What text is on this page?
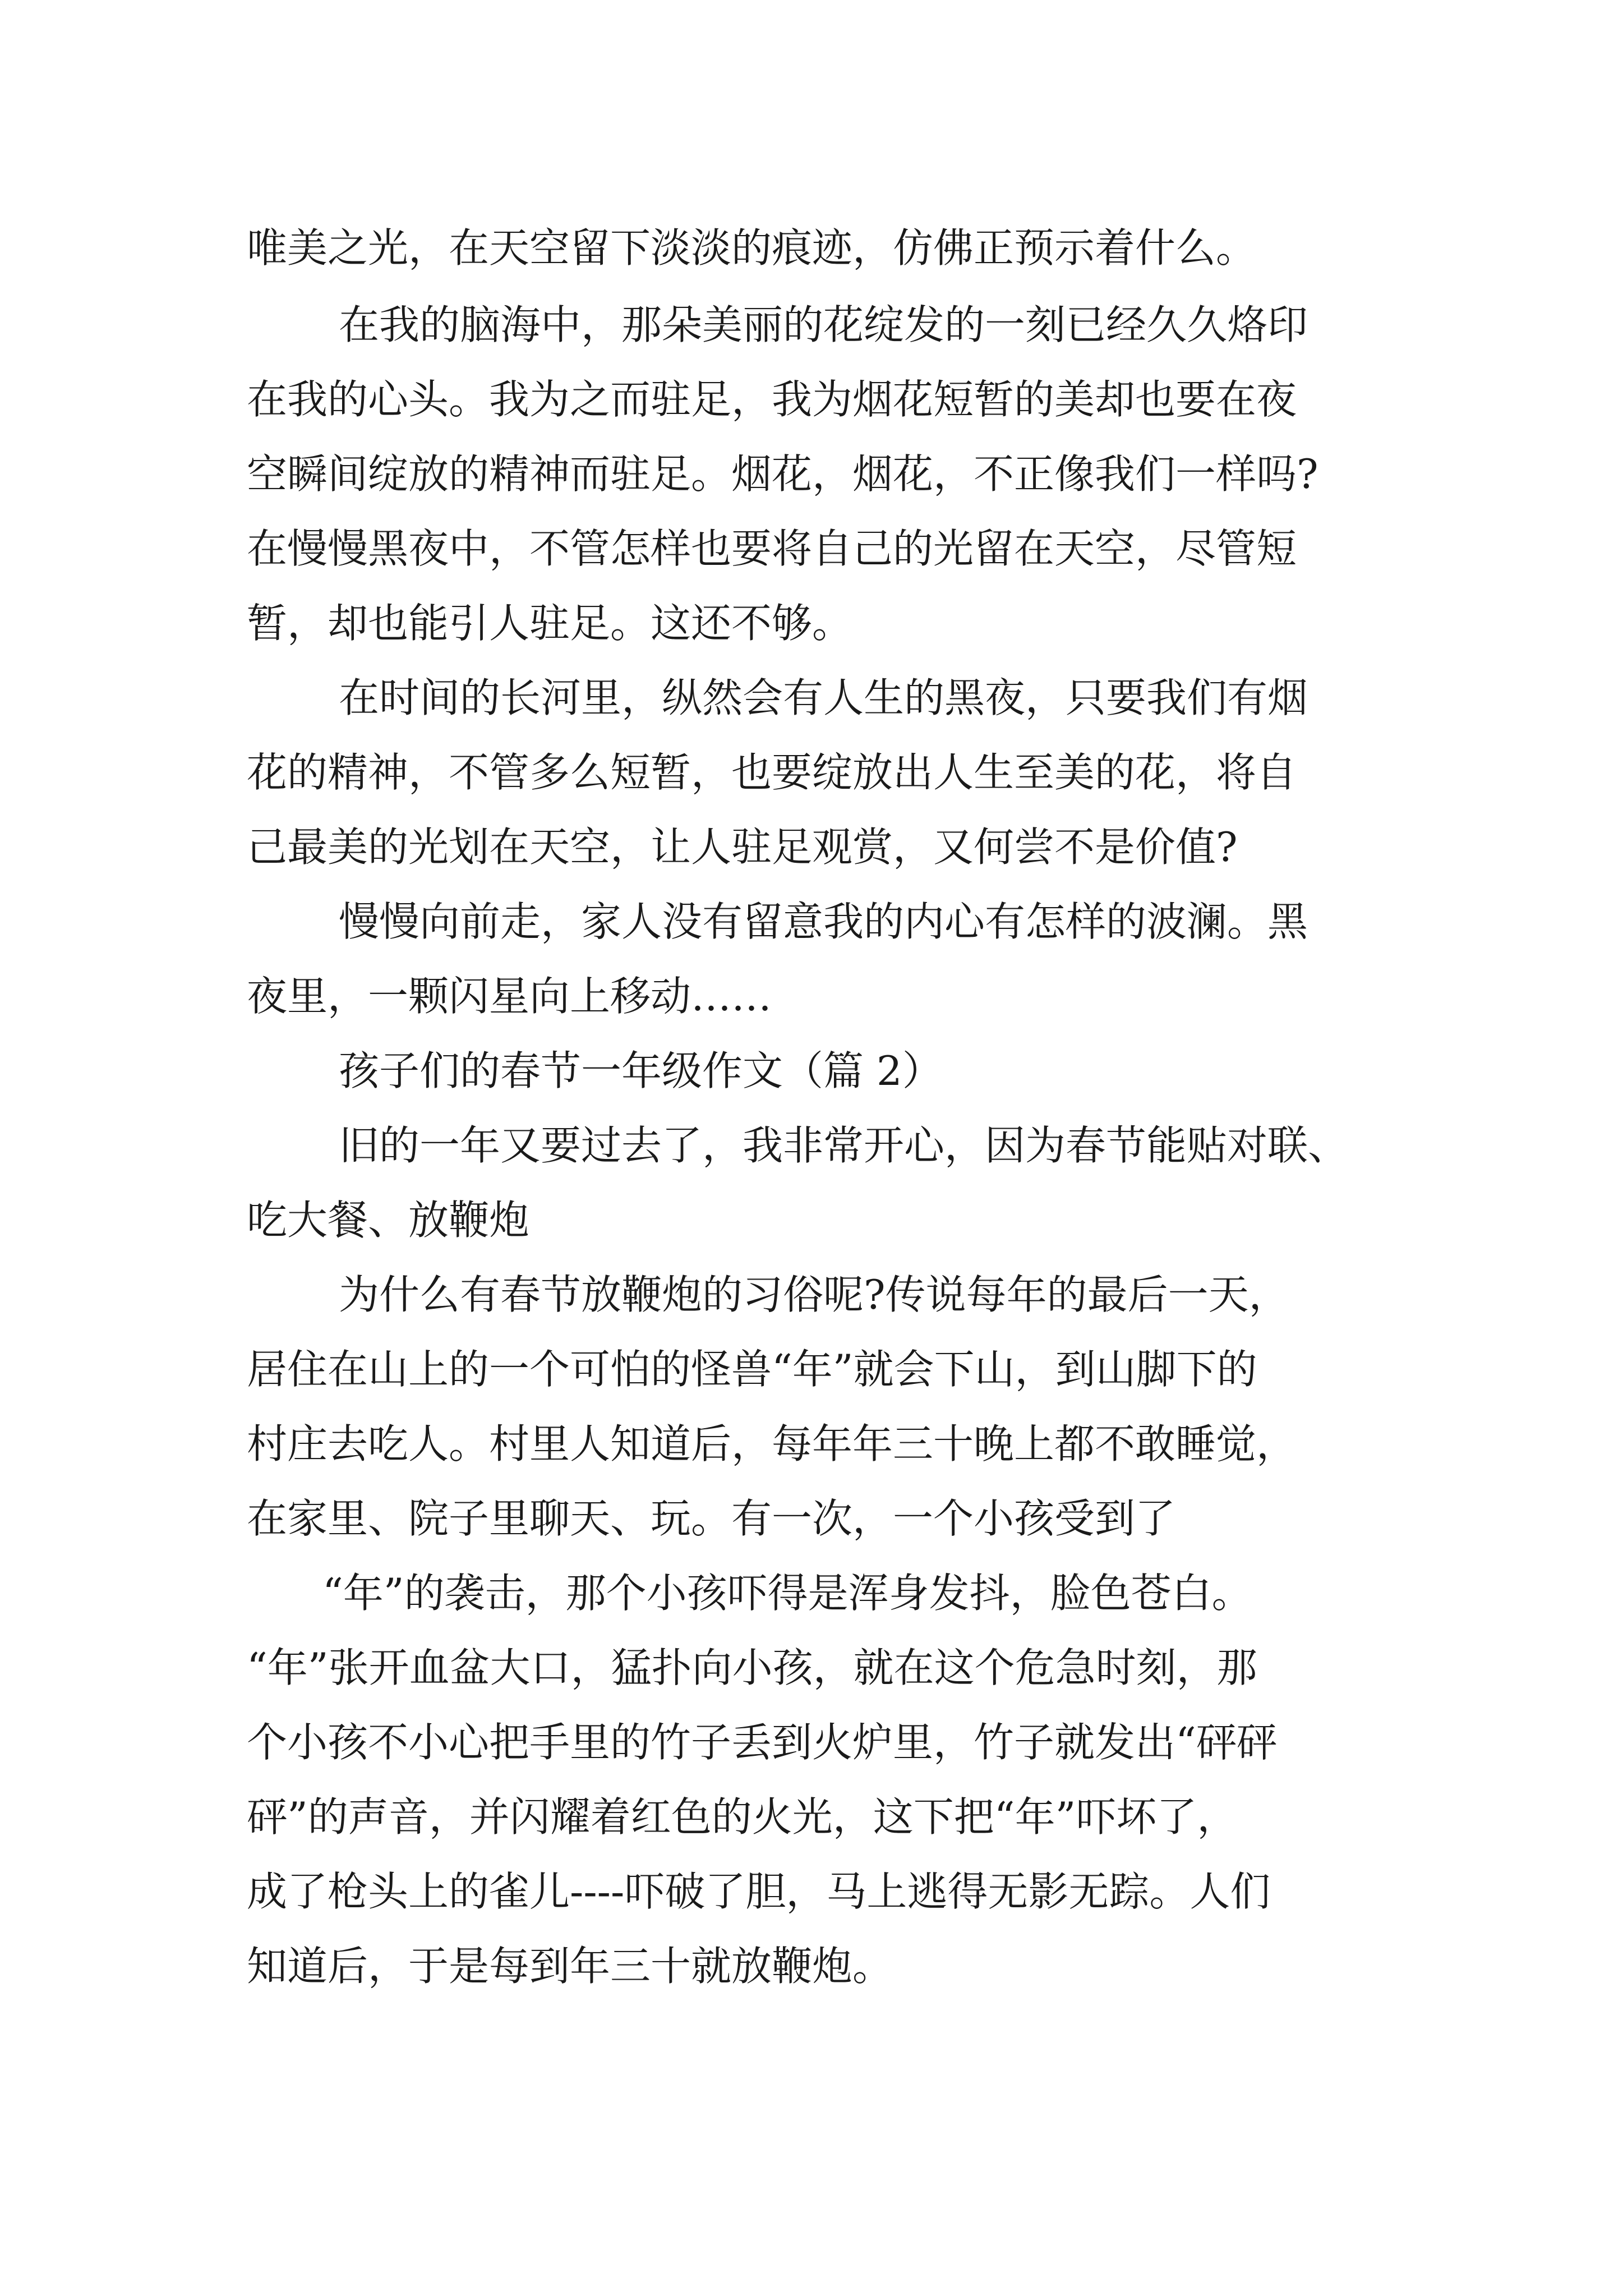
唯美之光，在天空留下淡淡的痕迹，仿佛正预示着什么。
在我的脑海中，那朵美丽的花绽发的一刻已经久久烙印
在我的心头。我为之而驻足，我为烟花短暂的美却也要在夜
空瞬间绽放的精神而驻足。烟花，烟花，不正像我们一样吗?
在慢慢黑夜中，不管怎样也要将自己的光留在天空，尽管短
暂，却也能引人驻足。这还不够。
在时间的长河里，纵然会有人生的黑夜，只要我们有烟
花的精神，不管多么短暂，也要绽放出人生至美的花，将自
己最美的光划在天空，让人驻足观赏，又何尝不是价值?
慢慢向前走，家人没有留意我的内心有怎样的波澜。黑
夜里，一颗闪星向上移动……
孩子们的春节一年级作文（篇 2）
旧的一年又要过去了，我非常开心，因为春节能贴对联、
吃大餐、放鞭炮
为什么有春节放鞭炮的习俗呢?传说每年的最后一天，
居住在山上的一个可怕的怪兽“年”就会下山，到山脚下的
村庄去吃人。村里人知道后，每年年三十晚上都不敢睡觉，
在家里、院子里聊天、玩。有一次，一个小孩受到了
“年”的袭击，那个小孩吓得是浑身发抖，脸色苍白。
“年”张开血盆大口，猛扑向小孩，就在这个危急时刻，那
个小孩不小心把手里的竹子丢到火炉里，竹子就发出“砰砰
砰”的声音，并闪耀着红色的火光，这下把“年”吓坏了，
成了枪头上的雀儿----吓破了胆，马上逃得无影无踪。人们
知道后，于是每到年三十就放鞭炮。
